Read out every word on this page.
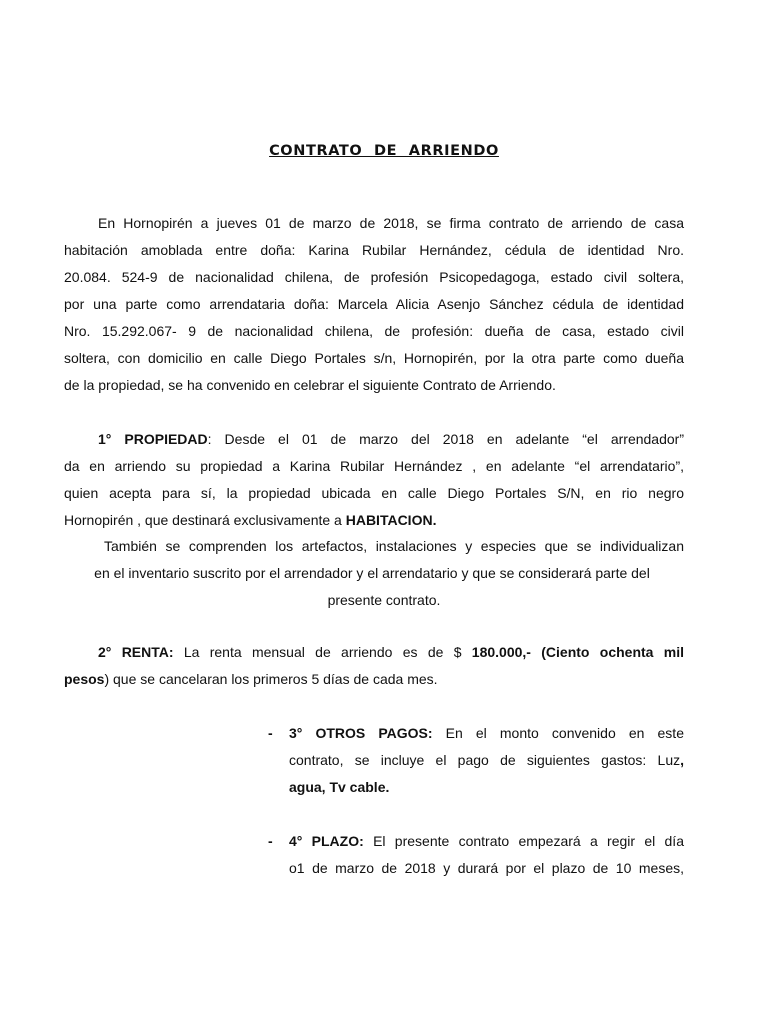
CONTRATO DE ARRIENDO
En Hornopirén a jueves 01 de marzo de 2018, se firma contrato de arriendo de casa
habitación amoblada entre doña: Karina Rubilar Hernández, cédula de identidad Nro.
20.084. 524-9 de nacionalidad chilena, de profesión Psicopedagoga, estado civil soltera,
por una parte como arrendataria doña: Marcela Alicia Asenjo Sánchez cédula de identidad
Nro. 15.292.067- 9 de nacionalidad chilena, de profesión: dueña de casa, estado civil
soltera, con domicilio en calle Diego Portales s/n, Hornopirén, por la otra parte como dueña
de la propiedad, se ha convenido en celebrar el siguiente Contrato de Arriendo.
1° PROPIEDAD: Desde el 01 de marzo del 2018 en adelante “el arrendador”
da en arriendo su propiedad a Karina Rubilar Hernández , en adelante “el arrendatario”,
quien acepta para sí, la propiedad ubicada en calle Diego Portales S/N, en rio negro
Hornopirén , que destinará exclusivamente a HABITACION.
También se comprenden los artefactos, instalaciones y especies que se individualizan
en el inventario suscrito por el arrendador y el arrendatario y que se considerará parte del
presente contrato.
2° RENTA: La renta mensual de arriendo es de $ 180.000,- (Ciento ochenta mil
pesos) que se cancelaran los primeros 5 días de cada mes.
- 3° OTROS PAGOS: En el monto convenido en este
contrato, se incluye el pago de siguientes gastos: Luz,
agua, Tv cable.
- 4° PLAZO: El presente contrato empezará a regir el día
o1 de marzo de 2018 y durará por el plazo de 10 meses,
